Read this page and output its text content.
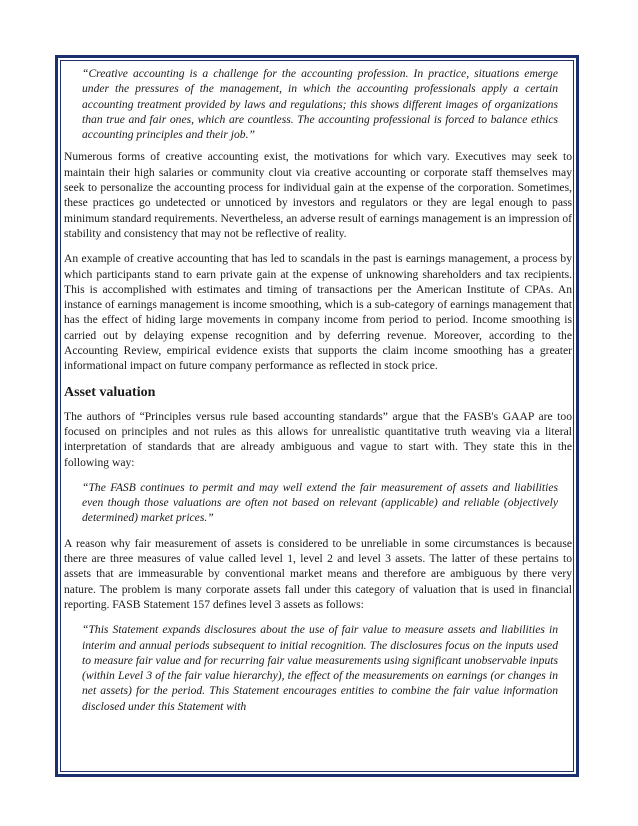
“Creative accounting is a challenge for the accounting profession. In practice, situations emerge under the pressures of the management, in which the accounting professionals apply a certain accounting treatment provided by laws and regulations; this shows different images of organizations than true and fair ones, which are countless. The accounting professional is forced to balance ethics accounting principles and their job.”

Numerous forms of creative accounting exist, the motivations for which vary. Executives may seek to maintain their high salaries or community clout via creative accounting or corporate staff themselves may seek to personalize the accounting process for individual gain at the expense of the corporation. Sometimes, these practices go undetected or unnoticed by investors and regulators or they are legal enough to pass minimum standard requirements. Nevertheless, an adverse result of earnings management is an impression of stability and consistency that may not be reflective of reality.

An example of creative accounting that has led to scandals in the past is earnings management, a process by which participants stand to earn private gain at the expense of unknowing shareholders and tax recipients. This is accomplished with estimates and timing of transactions per the American Institute of CPAs. An instance of earnings management is income smoothing, which is a sub-category of earnings management that has the effect of hiding large movements in company income from period to period. Income smoothing is carried out by delaying expense recognition and by deferring revenue. Moreover, according to the Accounting Review, empirical evidence exists that supports the claim income smoothing has a greater informational impact on future company performance as reflected in stock price.

Asset valuation

The authors of “Principles versus rule based accounting standards” argue that the FASB's GAAP are too focused on principles and not rules as this allows for unrealistic quantitative truth weaving via a literal interpretation of standards that are already ambiguous and vague to start with. They state this in the following way:

“The FASB continues to permit and may well extend the fair measurement of assets and liabilities even though those valuations are often not based on relevant (applicable) and reliable (objectively determined) market prices.”

A reason why fair measurement of assets is considered to be unreliable in some circumstances is because there are three measures of value called level 1, level 2 and level 3 assets. The latter of these pertains to assets that are immeasurable by conventional market means and therefore are ambiguous by there very nature. The problem is many corporate assets fall under this category of valuation that is used in financial reporting. FASB Statement 157 defines level 3 assets as follows:

“This Statement expands disclosures about the use of fair value to measure assets and liabilities in interim and annual periods subsequent to initial recognition. The disclosures focus on the inputs used to measure fair value and for recurring fair value measurements using significant unobservable inputs (within Level 3 of the fair value hierarchy), the effect of the measurements on earnings (or changes in net assets) for the period. This Statement encourages entities to combine the fair value information disclosed under this Statement with
